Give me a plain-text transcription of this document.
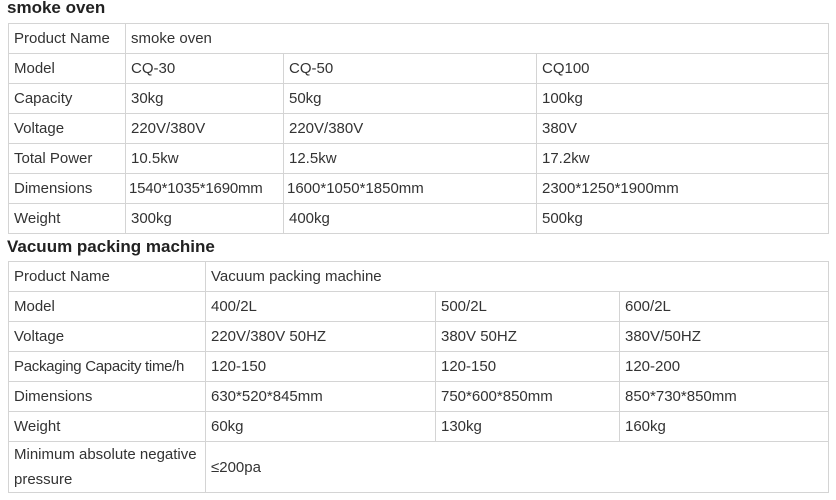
smoke oven
Product Name	smoke oven		
Model	CQ-30	CQ-50	CQ100
Capacity	30kg	50kg	100kg
Voltage	220V/380V	220V/380V	380V
Total Power	10.5kw	12.5kw	17.2kw
Dimensions	1540*1035*1690mm	1600*1050*1850mm	2300*1250*1900mm
Weight	300kg	400kg	500kg
Vacuum packing machine
Product Name	Vacuum packing machine		
Model	400/2L	500/2L	600/2L
Voltage	220V/380V 50HZ	380V 50HZ	380V/50HZ
Packaging Capacity time/h	120-150	120-150	120-200
Dimensions	630*520*845mm	750*600*850mm	850*730*850mm
Weight	60kg	130kg	160kg
Minimum absolute negative pressure	≤200pa		
